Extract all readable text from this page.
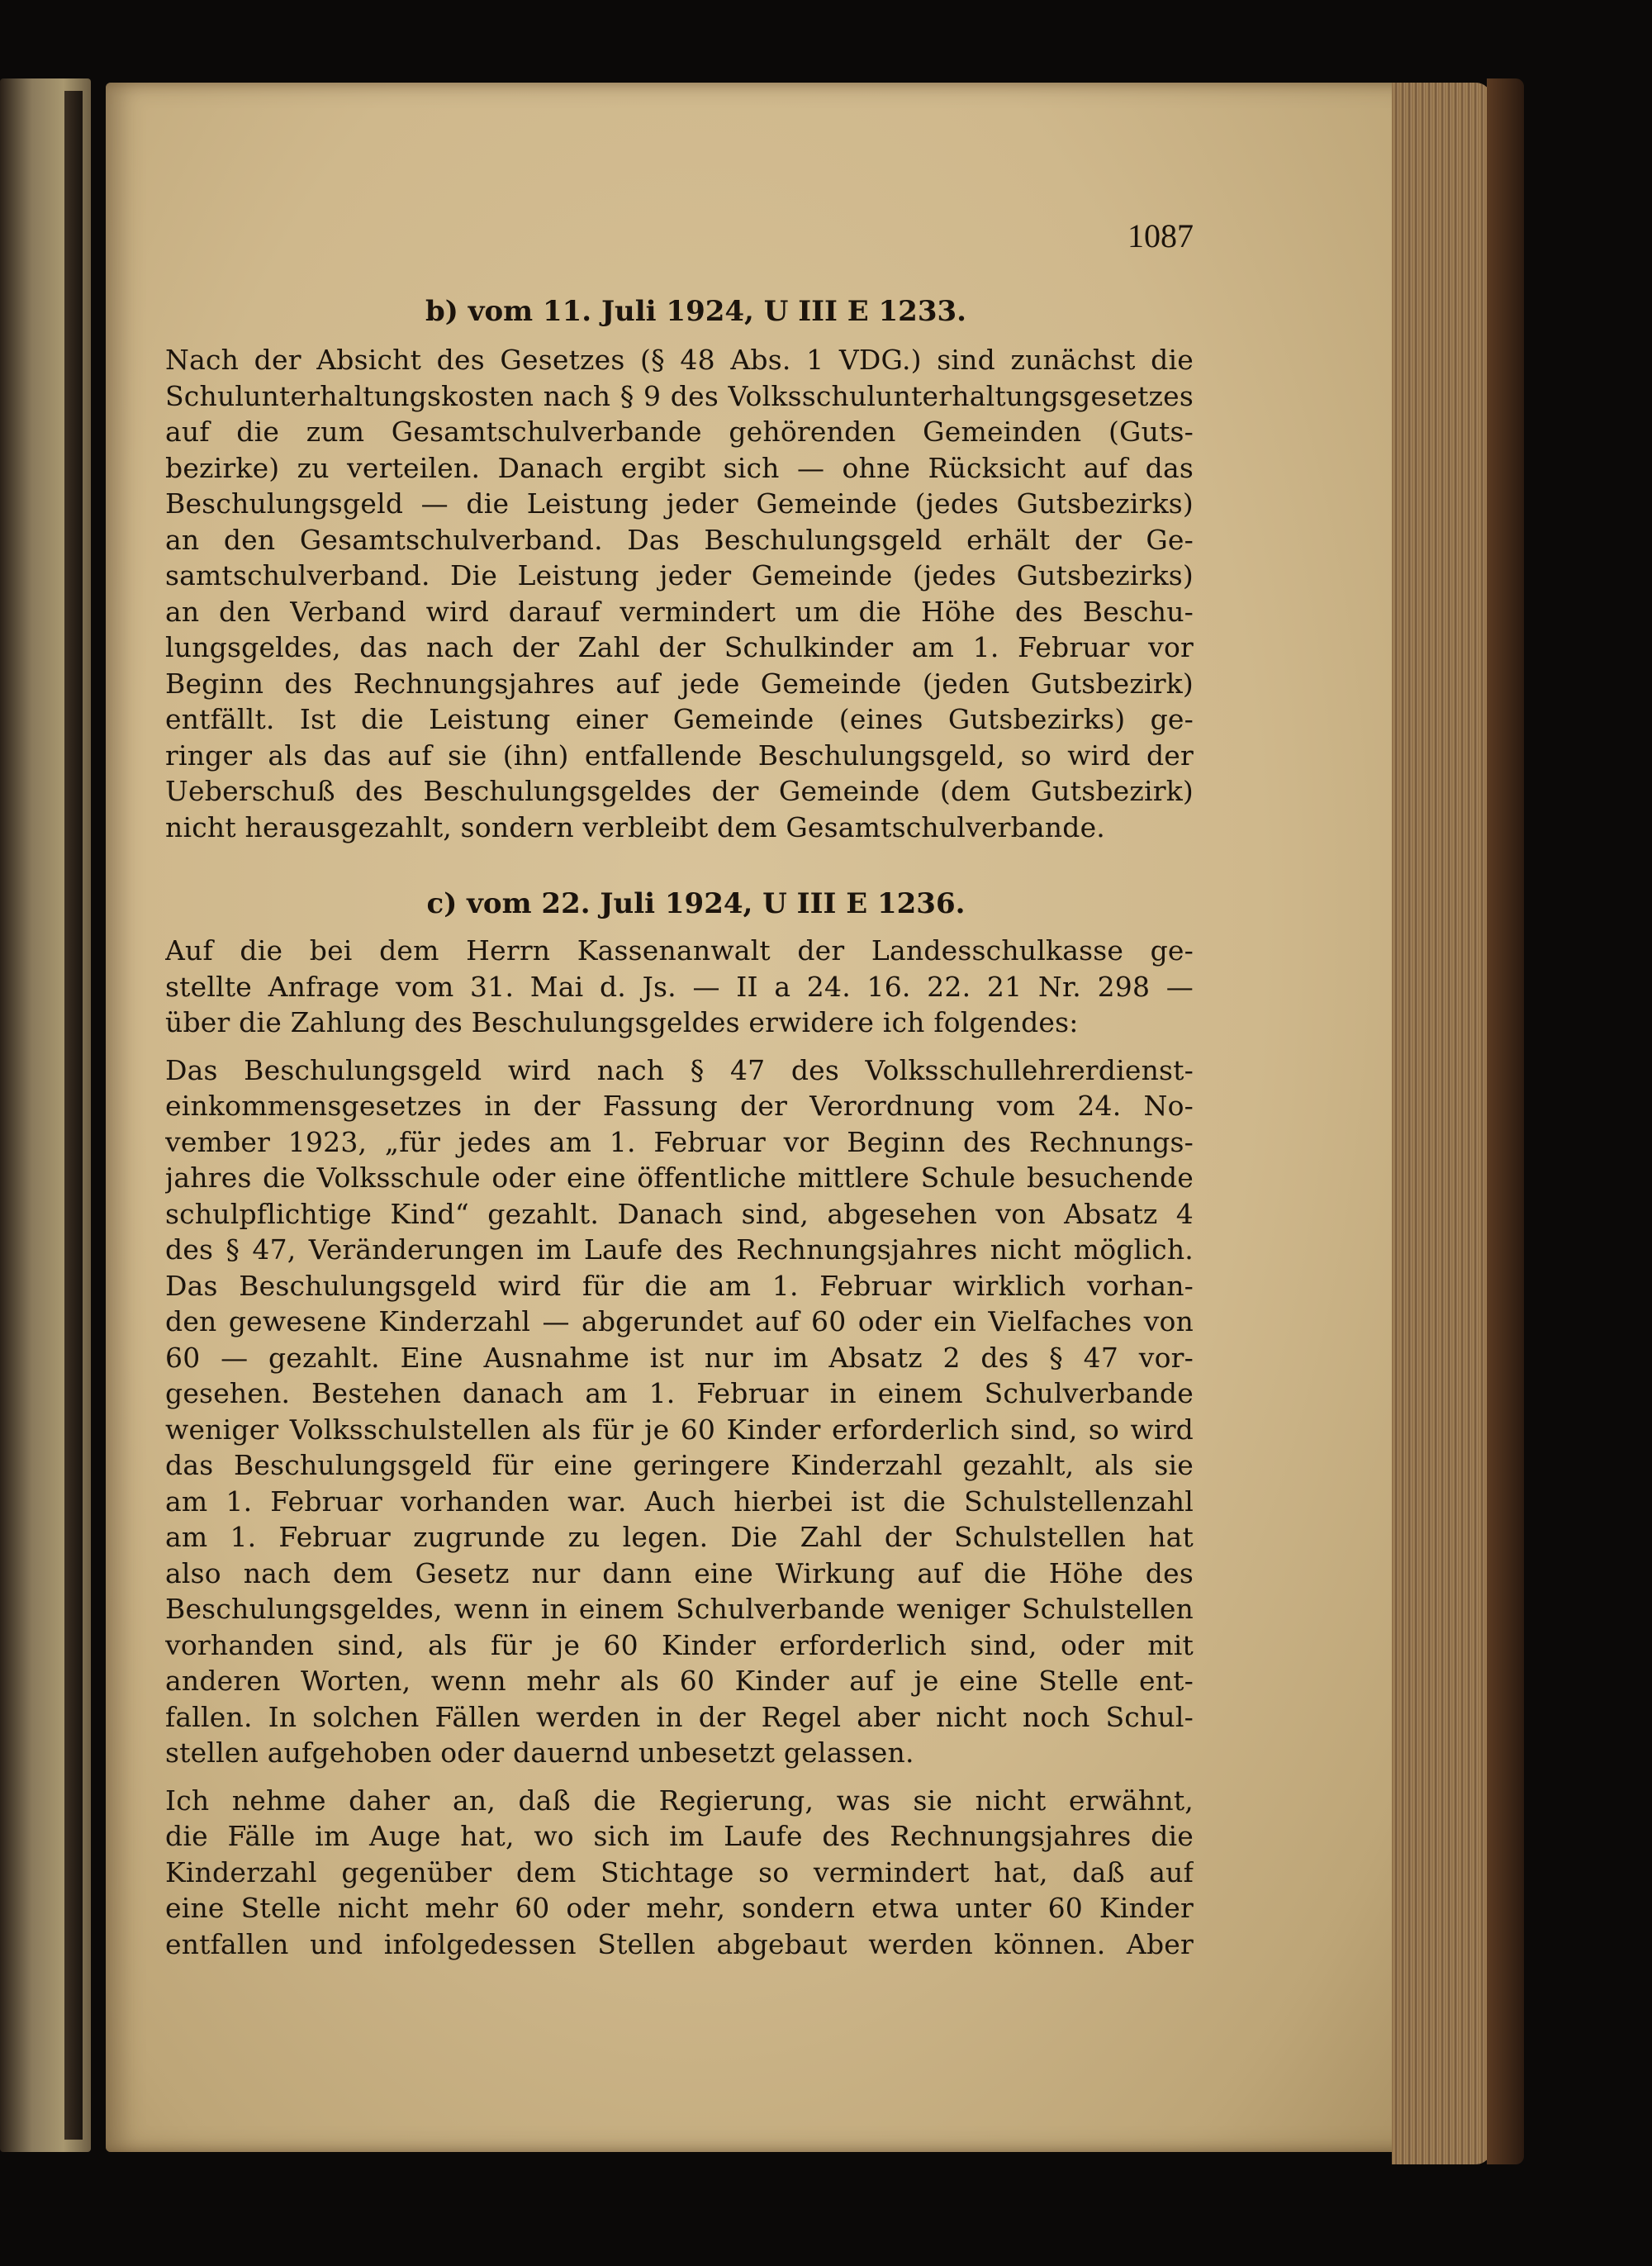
1087
b) vom 11. Juli 1924, U III E 1233.
Nach der Absicht des Gesetzes (§ 48 Abs. 1 VDG.) sind zunächst die
Schulunterhaltungskosten nach § 9 des Volksschulunterhaltungsgesetzes
auf die zum Gesamtschulverbande gehörenden Gemeinden (Guts-
bezirke) zu verteilen. Danach ergibt sich — ohne Rücksicht auf das
Beschulungsgeld — die Leistung jeder Gemeinde (jedes Gutsbezirks)
an den Gesamtschulverband. Das Beschulungsgeld erhält der Ge-
samtschulverband. Die Leistung jeder Gemeinde (jedes Gutsbezirks)
an den Verband wird darauf vermindert um die Höhe des Beschu-
lungsgeldes, das nach der Zahl der Schulkinder am 1. Februar vor
Beginn des Rechnungsjahres auf jede Gemeinde (jeden Gutsbezirk)
entfällt. Ist die Leistung einer Gemeinde (eines Gutsbezirks) ge-
ringer als das auf sie (ihn) entfallende Beschulungsgeld, so wird der
Ueberschuß des Beschulungsgeldes der Gemeinde (dem Gutsbezirk)
nicht herausgezahlt, sondern verbleibt dem Gesamtschulverbande.
c) vom 22. Juli 1924, U III E 1236.
Auf die bei dem Herrn Kassenanwalt der Landesschulkasse ge-
stellte Anfrage vom 31. Mai d. Js. — II a 24. 16. 22. 21 Nr. 298 —
über die Zahlung des Beschulungsgeldes erwidere ich folgendes:
Das Beschulungsgeld wird nach § 47 des Volksschullehrerdienst-
einkommensgesetzes in der Fassung der Verordnung vom 24. No-
vember 1923, „für jedes am 1. Februar vor Beginn des Rechnungs-
jahres die Volksschule oder eine öffentliche mittlere Schule besuchende
schulpflichtige Kind“ gezahlt. Danach sind, abgesehen von Absatz 4
des § 47, Veränderungen im Laufe des Rechnungsjahres nicht möglich.
Das Beschulungsgeld wird für die am 1. Februar wirklich vorhan-
den gewesene Kinderzahl — abgerundet auf 60 oder ein Vielfaches von
60 — gezahlt. Eine Ausnahme ist nur im Absatz 2 des § 47 vor-
gesehen. Bestehen danach am 1. Februar in einem Schulverbande
weniger Volksschulstellen als für je 60 Kinder erforderlich sind, so wird
das Beschulungsgeld für eine geringere Kinderzahl gezahlt, als sie
am 1. Februar vorhanden war. Auch hierbei ist die Schulstellenzahl
am 1. Februar zugrunde zu legen. Die Zahl der Schulstellen hat
also nach dem Gesetz nur dann eine Wirkung auf die Höhe des
Beschulungsgeldes, wenn in einem Schulverbande weniger Schulstellen
vorhanden sind, als für je 60 Kinder erforderlich sind, oder mit
anderen Worten, wenn mehr als 60 Kinder auf je eine Stelle ent-
fallen. In solchen Fällen werden in der Regel aber nicht noch Schul-
stellen aufgehoben oder dauernd unbesetzt gelassen.
Ich nehme daher an, daß die Regierung, was sie nicht erwähnt,
die Fälle im Auge hat, wo sich im Laufe des Rechnungsjahres die
Kinderzahl gegenüber dem Stichtage so vermindert hat, daß auf
eine Stelle nicht mehr 60 oder mehr, sondern etwa unter 60 Kinder
entfallen und infolgedessen Stellen abgebaut werden können. Aber
